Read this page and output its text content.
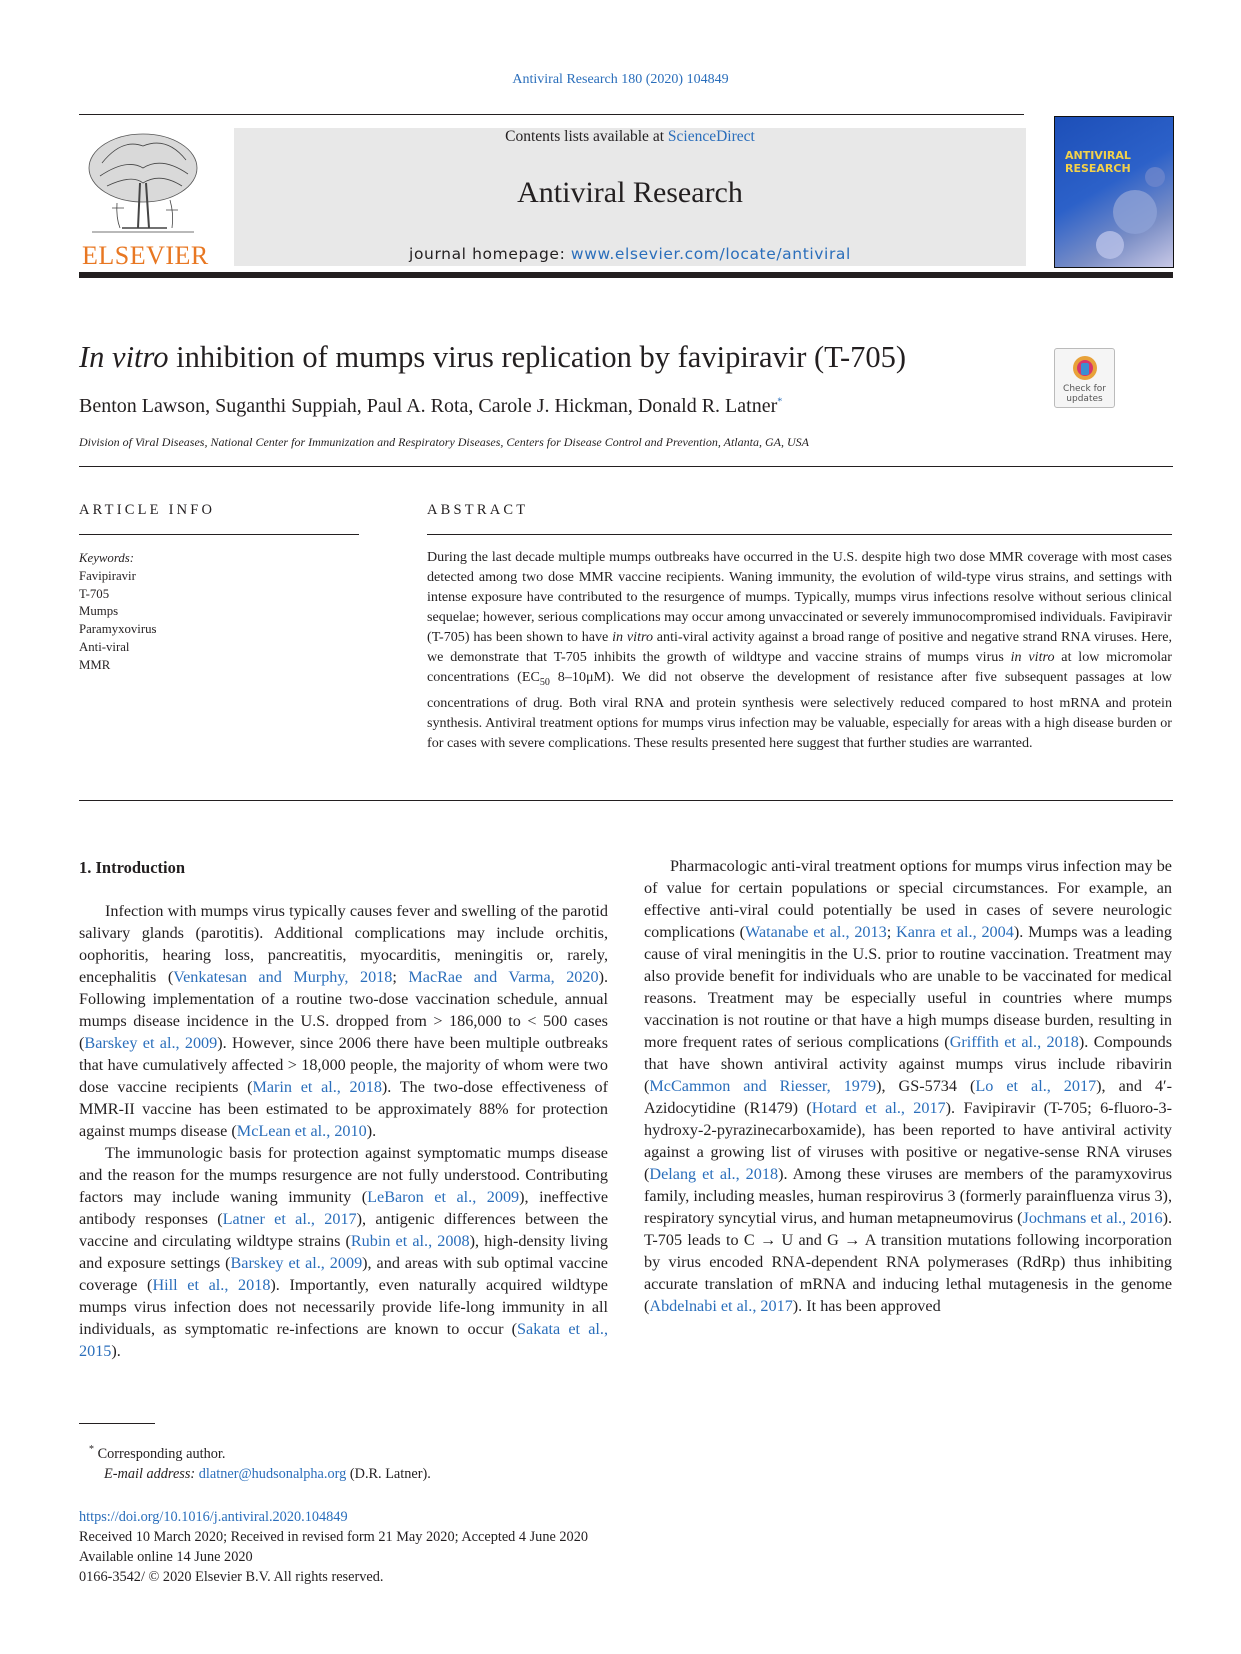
Antiviral Research 180 (2020) 104849
ELSEVIER
Contents lists available at ScienceDirect
Antiviral Research
journal homepage: www.elsevier.com/locate/antiviral
ANTIVIRAL
RESEARCH
In vitro inhibition of mumps virus replication by favipiravir (T-705)
Check for updates
Benton Lawson, Suganthi Suppiah, Paul A. Rota, Carole J. Hickman, Donald R. Latner*
Division of Viral Diseases, National Center for Immunization and Respiratory Diseases, Centers for Disease Control and Prevention, Atlanta, GA, USA
ARTICLE INFO
Keywords:
Favipiravir
T-705
Mumps
Paramyxovirus
Anti-viral
MMR
ABSTRACT
During the last decade multiple mumps outbreaks have occurred in the U.S. despite high two dose MMR coverage with most cases detected among two dose MMR vaccine recipients. Waning immunity, the evolution of wild-type virus strains, and settings with intense exposure have contributed to the resurgence of mumps. Typically, mumps virus infections resolve without serious clinical sequelae; however, serious complications may occur among unvaccinated or severely immunocompromised individuals. Favipiravir (T-705) has been shown to have in vitro anti-viral activity against a broad range of positive and negative strand RNA viruses. Here, we demonstrate that T-705 inhibits the growth of wildtype and vaccine strains of mumps virus in vitro at low micromolar concentrations ($EC_{50}$ 8–10μM). We did not observe the development of resistance after five subsequent passages at low concentrations of drug. Both viral RNA and protein synthesis were selectively reduced compared to host mRNA and protein synthesis. Antiviral treatment options for mumps virus infection may be valuable, especially for areas with a high disease burden or for cases with severe complications. These results presented here suggest that further studies are warranted.
1. Introduction

Infection with mumps virus typically causes fever and swelling of the parotid salivary glands (parotitis). Additional complications may include orchitis, oophoritis, hearing loss, pancreatitis, myocarditis, meningitis or, rarely, encephalitis (Venkatesan and Murphy, 2018; MacRae and Varma, 2020). Following implementation of a routine two-dose vaccination schedule, annual mumps disease incidence in the U.S. dropped from > 186,000 to < 500 cases (Barskey et al., 2009). However, since 2006 there have been multiple outbreaks that have cumulatively affected > 18,000 people, the majority of whom were two dose vaccine recipients (Marin et al., 2018). The two-dose effectiveness of MMR-II vaccine has been estimated to be approximately 88% for protection against mumps disease (McLean et al., 2010).

The immunologic basis for protection against symptomatic mumps disease and the reason for the mumps resurgence are not fully understood. Contributing factors may include waning immunity (LeBaron et al., 2009), ineffective antibody responses (Latner et al., 2017), antigenic differences between the vaccine and circulating wildtype strains (Rubin et al., 2008), high-density living and exposure settings (Barskey et al., 2009), and areas with sub optimal vaccine coverage (Hill et al., 2018). Importantly, even naturally acquired wildtype mumps virus infection does not necessarily provide life-long immunity in all individuals, as symptomatic re-infections are known to occur (Sakata et al., 2015).

Pharmacologic anti-viral treatment options for mumps virus infection may be of value for certain populations or special circumstances. For example, an effective anti-viral could potentially be used in cases of severe neurologic complications (Watanabe et al., 2013; Kanra et al., 2004). Mumps was a leading cause of viral meningitis in the U.S. prior to routine vaccination. Treatment may also provide benefit for individuals who are unable to be vaccinated for medical reasons. Treatment may be especially useful in countries where mumps vaccination is not routine or that have a high mumps disease burden, resulting in more frequent rates of serious complications (Griffith et al., 2018). Compounds that have shown antiviral activity against mumps virus include ribavirin (McCammon and Riesser, 1979), GS-5734 (Lo et al., 2017), and 4′-Azidocytidine (R1479) (Hotard et al., 2017). Favipiravir (T-705; 6-fluoro-3-hydroxy-2-pyrazinecarboxamide), has been reported to have antiviral activity against a growing list of viruses with positive or negative-sense RNA viruses (Delang et al., 2018). Among these viruses are members of the paramyxovirus family, including measles, human respirovirus 3 (formerly parainfluenza virus 3), respiratory syncytial virus, and human metapneumovirus (Jochmans et al., 2016). T-705 leads to C → U and G → A transition mutations following incorporation by virus encoded RNA-dependent RNA polymerases (RdRp) thus inhibiting accurate translation of mRNA and inducing lethal mutagenesis in the genome (Abdelnabi et al., 2017). It has been approved

* Corresponding author.
E-mail address: dlatner@hudsonalpha.org (D.R. Latner).
https://doi.org/10.1016/j.antiviral.2020.104849
Received 10 March 2020; Received in revised form 21 May 2020; Accepted 4 June 2020
Available online 14 June 2020
0166-3542/ © 2020 Elsevier B.V. All rights reserved.
